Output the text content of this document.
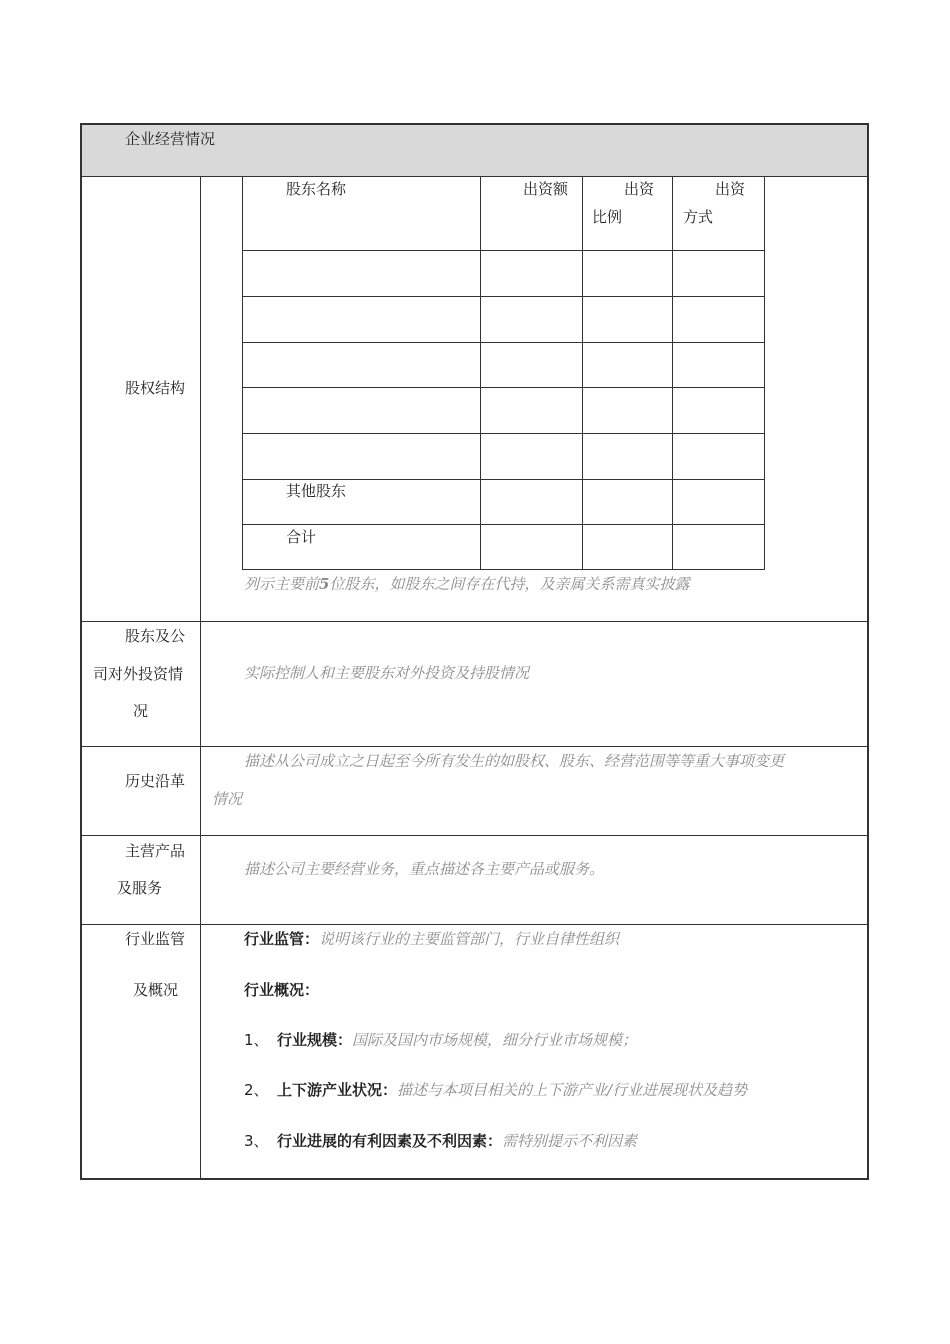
企业经营情况
股权结构
股东名称	出资额	出资
比例
出资
方式
其他股东
合计
列示主要前5位股东，如股东之间存在代持，及亲属关系需真实披露
股东及公
司对外投资情
况
实际控制人和主要股东对外投资及持股情况
历史沿革
描述从公司成立之日起至今所有发生的如股权、股东、经营范围等等重大事项变更
情况
主营产品
及服务
描述公司主要经营业务，重点描述各主要产品或服务。
行业监管
及概况
行业监管：说明该行业的主要监管部门，行业自律性组织
行业概况：
1、 行业规模：国际及国内市场规模，细分行业市场规模；
2、 上下游产业状况：描述与本项目相关的上下游产业/行业进展现状及趋势
3、 行业进展的有利因素及不利因素：需特别提示不利因素
